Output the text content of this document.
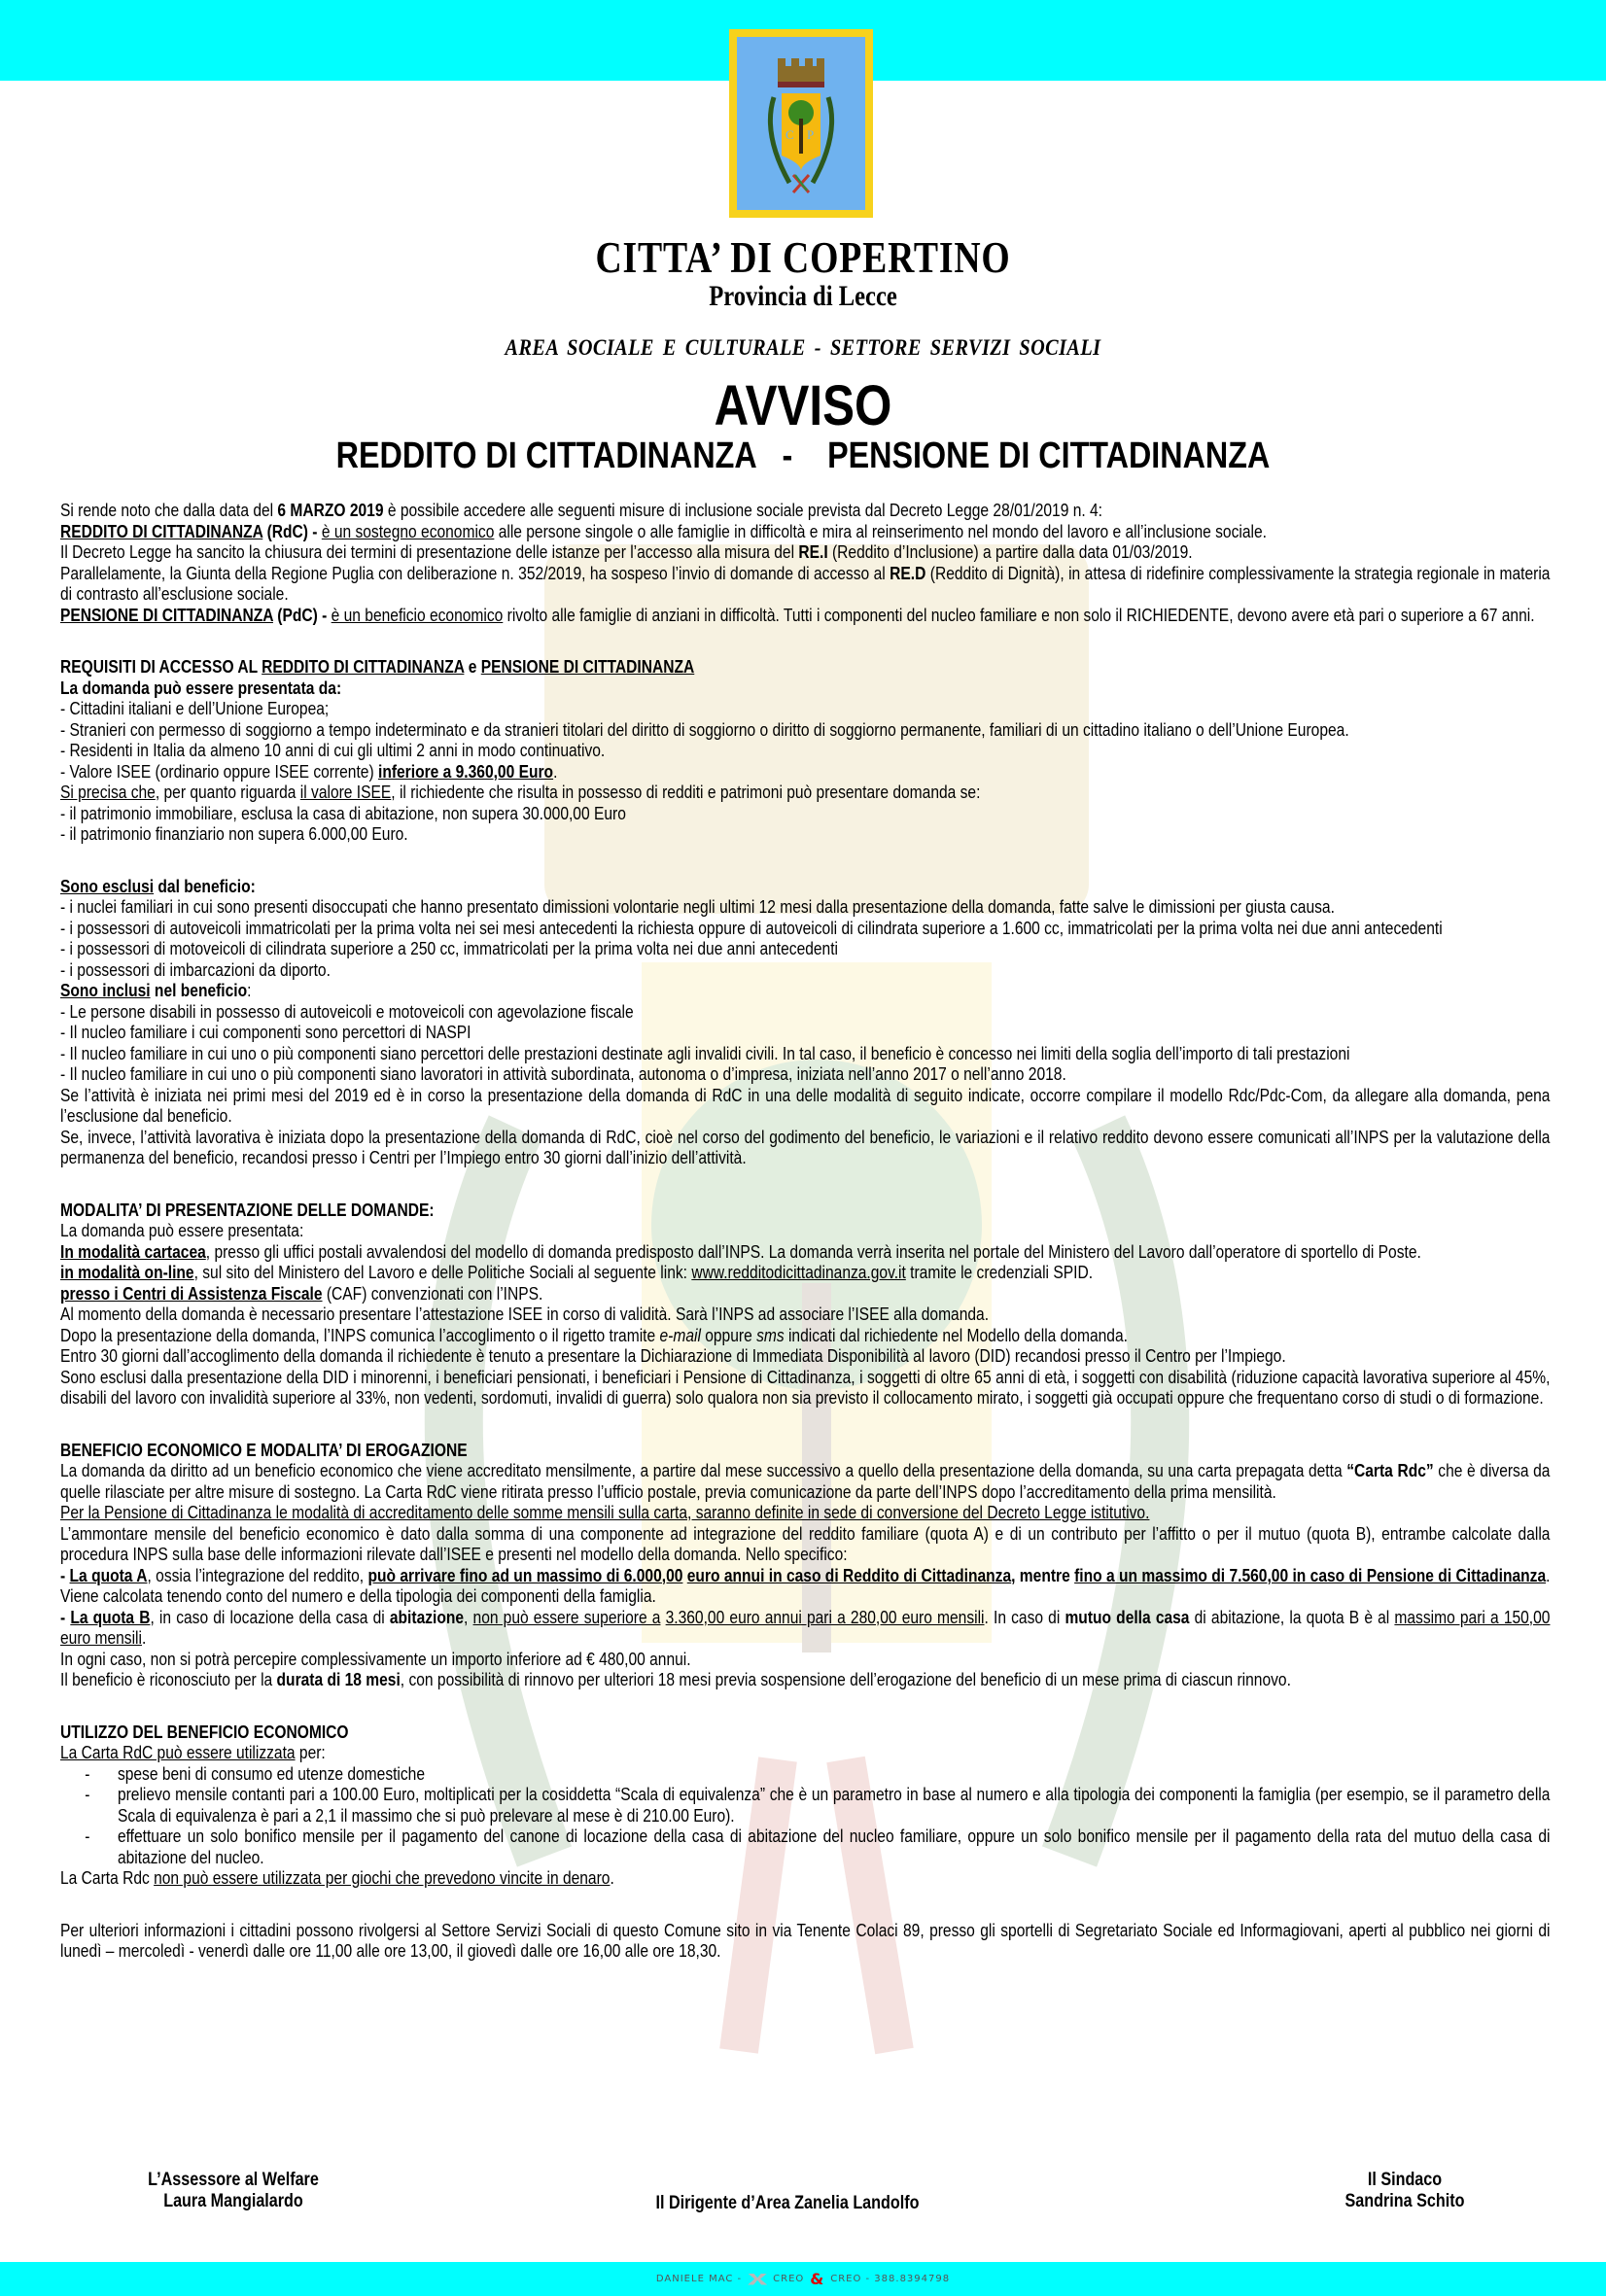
C P
CITTA’ DI COPERTINO
Provincia di Lecce
AREA SOCIALE E CULTURALE - SETTORE SERVIZI SOCIALI
AVVISO
REDDITO DI CITTADINANZA   -    PENSIONE DI CITTADINANZA

Si rende noto che dalla data del 6 MARZO 2019 è possibile accedere alle seguenti misure di inclusione sociale prevista dal Decreto Legge 28/01/2019 n. 4:

REDDITO DI CITTADINANZA (RdC) - è un sostegno economico alle persone singole o alle famiglie in difficoltà e mira al reinserimento nel mondo del lavoro e all’inclusione sociale.

Il Decreto Legge ha sancito la chiusura dei termini di presentazione delle istanze per l’accesso alla misura del RE.I (Reddito d’Inclusione) a partire dalla data 01/03/2019.

Parallelamente, la Giunta della Regione Puglia con deliberazione n. 352/2019, ha sospeso l’invio di domande di accesso al RE.D (Reddito di Dignità), in attesa di ridefinire complessivamente la strategia regionale in materia di contrasto all’esclusione sociale.

PENSIONE DI CITTADINANZA (PdC) - è un beneficio economico rivolto alle famiglie di anziani in difficoltà. Tutti i componenti del nucleo familiare e non solo il RICHIEDENTE, devono avere età pari o superiore a 67 anni.

REQUISITI DI ACCESSO AL REDDITO DI CITTADINANZA e PENSIONE DI CITTADINANZA

La domanda può essere presentata da:

- Cittadini italiani e dell’Unione Europea;

- Stranieri con permesso di soggiorno a tempo indeterminato e da stranieri titolari del diritto di soggiorno o diritto di soggiorno permanente, familiari di un cittadino italiano o dell’Unione Europea.

- Residenti in Italia da almeno 10 anni di cui gli ultimi 2 anni in modo continuativo.

- Valore ISEE (ordinario oppure ISEE corrente) inferiore a 9.360,00 Euro.

Si precisa che, per quanto riguarda il valore ISEE, il richiedente che risulta in possesso di redditi e patrimoni può presentare domanda se:

- il patrimonio immobiliare, esclusa la casa di abitazione, non supera 30.000,00 Euro

- il patrimonio finanziario non supera 6.000,00 Euro.

Sono esclusi dal beneficio:

- i nuclei familiari in cui sono presenti disoccupati che hanno presentato dimissioni volontarie negli ultimi 12 mesi dalla presentazione della domanda, fatte salve le dimissioni per giusta causa.

- i possessori di autoveicoli immatricolati per la prima volta nei sei mesi antecedenti la richiesta oppure di autoveicoli di cilindrata superiore a 1.600 cc, immatricolati per la prima volta nei due anni antecedenti

- i possessori di motoveicoli di cilindrata superiore a 250 cc, immatricolati per la prima volta nei due anni antecedenti

- i possessori di imbarcazioni da diporto.

Sono inclusi nel beneficio:

- Le persone disabili in possesso di autoveicoli e motoveicoli con agevolazione fiscale

- Il nucleo familiare i cui componenti sono percettori di NASPI

- Il nucleo familiare in cui uno o più componenti siano percettori delle prestazioni destinate agli invalidi civili. In tal caso, il beneficio è concesso nei limiti della soglia dell’importo di tali prestazioni

- Il nucleo familiare in cui uno o più componenti siano lavoratori in attività subordinata, autonoma o d’impresa, iniziata nell’anno 2017 o nell’anno 2018.

Se l’attività è iniziata nei primi mesi del 2019 ed è in corso la presentazione della domanda di RdC in una delle modalità di seguito indicate, occorre compilare il modello Rdc/Pdc-Com, da allegare alla domanda, pena l’esclusione dal beneficio.

Se, invece, l’attività lavorativa è iniziata dopo la presentazione della domanda di RdC, cioè nel corso del godimento del beneficio, le variazioni e il relativo reddito devono essere comunicati all’INPS per la valutazione della permanenza del beneficio, recandosi presso i Centri per l’Impiego entro 30 giorni dall’inizio dell’attività.

MODALITA’ DI PRESENTAZIONE DELLE DOMANDE:

La domanda può essere presentata:

In modalità cartacea, presso gli uffici postali avvalendosi del modello di domanda predisposto dall’INPS. La domanda verrà inserita nel portale del Ministero del Lavoro dall’operatore di sportello di Poste.

in modalità on-line, sul sito del Ministero del Lavoro e delle Politiche Sociali al seguente link: www.redditodicittadinanza.gov.it tramite le credenziali SPID.

presso i Centri di Assistenza Fiscale (CAF) convenzionati con l’INPS.

Al momento della domanda è necessario presentare l’attestazione ISEE in corso di validità. Sarà l’INPS ad associare l’ISEE alla domanda.

Dopo la presentazione della domanda, l’INPS comunica l’accoglimento o il rigetto tramite e-mail oppure sms indicati dal richiedente nel Modello della domanda.

Entro 30 giorni dall’accoglimento della domanda il richiedente è tenuto a presentare la Dichiarazione di Immediata Disponibilità al lavoro (DID) recandosi presso il Centro per l’Impiego.

Sono esclusi dalla presentazione della DID i minorenni, i beneficiari pensionati, i beneficiari i Pensione di Cittadinanza, i soggetti di oltre 65 anni di età, i soggetti con disabilità (riduzione capacità lavorativa superiore al 45%, disabili del lavoro con invalidità superiore al 33%, non vedenti, sordomuti, invalidi di guerra) solo qualora non sia previsto il collocamento mirato, i soggetti già occupati oppure che frequentano corso di studi o di formazione.

BENEFICIO ECONOMICO E MODALITA’ DI EROGAZIONE

La domanda da diritto ad un beneficio economico che viene accreditato mensilmente, a partire dal mese successivo a quello della presentazione della domanda, su una carta prepagata detta “Carta Rdc” che è diversa da quelle rilasciate per altre misure di sostegno. La Carta RdC viene ritirata presso l’ufficio postale, previa comunicazione da parte dell’INPS dopo l’accreditamento della prima mensilità.

Per la Pensione di Cittadinanza le modalità di accreditamento delle somme mensili sulla carta, saranno definite in sede di conversione del Decreto Legge istitutivo.

L’ammontare mensile del beneficio economico è dato dalla somma di una componente ad integrazione del reddito familiare (quota A) e di un contributo per l’affitto o per il mutuo (quota B), entrambe calcolate dalla procedura INPS sulla base delle informazioni rilevate dall’ISEE e presenti nel modello della domanda. Nello specifico:

- La quota A, ossia l’integrazione del reddito, può arrivare fino ad un massimo di 6.000,00 euro annui in caso di Reddito di Cittadinanza, mentre fino a un massimo di 7.560,00 in caso di Pensione di Cittadinanza. Viene calcolata tenendo conto del numero e della tipologia dei componenti della famiglia.

- La quota B, in caso di locazione della casa di abitazione, non può essere superiore a 3.360,00 euro annui pari a 280,00 euro mensili. In caso di mutuo della casa di abitazione, la quota B è al massimo pari a 150,00 euro mensili.

In ogni caso, non si potrà percepire complessivamente un importo inferiore ad € 480,00 annui.

Il beneficio è riconosciuto per la durata di 18 mesi, con possibilità di rinnovo per ulteriori 18 mesi previa sospensione dell’erogazione del beneficio di un mese prima di ciascun rinnovo.

UTILIZZO DEL BENEFICIO ECONOMICO

La Carta RdC può essere utilizzata per:

-	spese beni di consumo ed utenze domestiche

-	prelievo mensile contanti pari a 100.00 Euro, moltiplicati per la cosiddetta “Scala di equivalenza” che è un parametro in base al numero e alla tipologia dei componenti la famiglia (per esempio, se il parametro della Scala di equivalenza è pari a 2,1 il massimo che si può prelevare al mese è di 210.00 Euro).

-	effettuare un solo bonifico mensile per il pagamento del canone di locazione della casa di abitazione del nucleo familiare, oppure un solo bonifico mensile per il pagamento della rata del mutuo della casa di abitazione del nucleo.

La Carta Rdc non può essere utilizzata per giochi che prevedono vincite in denaro.

Per ulteriori informazioni i cittadini possono rivolgersi al Settore Servizi Sociali di questo Comune sito in via Tenente Colaci 89, presso gli sportelli di Segretariato Sociale ed Informagiovani, aperti al pubblico nei giorni di lunedì – mercoledì - venerdì dalle ore 11,00 alle ore 13,00, il giovedì dalle ore 16,00 alle ore 18,30.

L’Assessore al Welfare
Laura Mangialardo	Il Dirigente d’Area Zanelia Landolfo
Il Sindaco
Sandrina Schito
DANIELE MAC -	CREO & CREO - 388.8394798
